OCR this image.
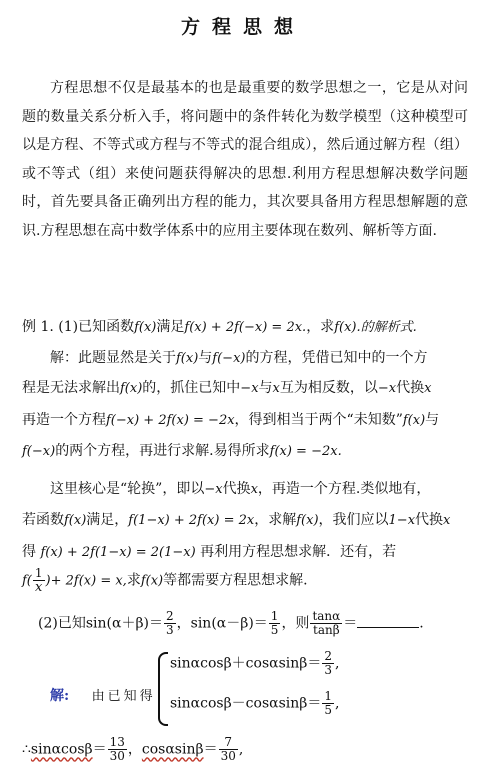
方程思想
方程思想不仅是最基本的也是最重要的数学思想之一，它是从对问题的数量关系分析入手，将问题中的条件转化为数学模型（这种模型可以是方程、不等式或方程与不等式的混合组成），然后通过解方程（组）或不等式（组）来使问题获得解决的思想.利用方程思想解决数学问题时，首先要具备正确列出方程的能力，其次要具备用方程思想解题的意识.方程思想在高中数学体系中的应用主要体现在数列、解析等方面.
例 1. (1)已知函数f(x)满足f(x) + 2f(−x) = 2x.，求f(x).的解析式.
解：此题显然是关于f(x)与f(−x)的方程，凭借已知中的一个方
程是无法求解出f(x)的，抓住已知中−x与x互为相反数，以−x代换x
再造一个方程f(−x) + 2f(x) = −2x，得到相当于两个“未知数”f(x)与
f(−x)的两个方程，再进行求解.易得所求f(x) = −2x.
这里核心是“轮换”，即以−x代换x，再造一个方程.类似地有，
若函数f(x)满足，f(1−x) + 2f(x) = 2x，求解f(x)，我们应以1−x代换x
得 f(x) + 2f(1−x) = 2(1−x) 再利用方程思想求解．还有，若
$f( \frac{1}{x}$ )+ 2f(x) = x,求f(x)等都需要方程思想求解.
(2)已知$\sin(\alpha+\beta)= \frac{2}{3}$ ，$\sin(\alpha-\beta)= \frac{1}{5}$ ，则 $\frac{\tan\alpha}{\tan\beta}$ ＝	.
解: 由已知得
$\sin\alpha\cos\beta+\cos\alpha\sin\beta= \frac{2}{3}$ ,
$\sin\alpha\cos\beta-\cos\alpha\sin\beta= \frac{1}{5}$ ,
∴sinαcosβ＝ $\frac{13}{30}$ ，$\cos\alpha\sin\beta= \frac{7}{30}$ ,
